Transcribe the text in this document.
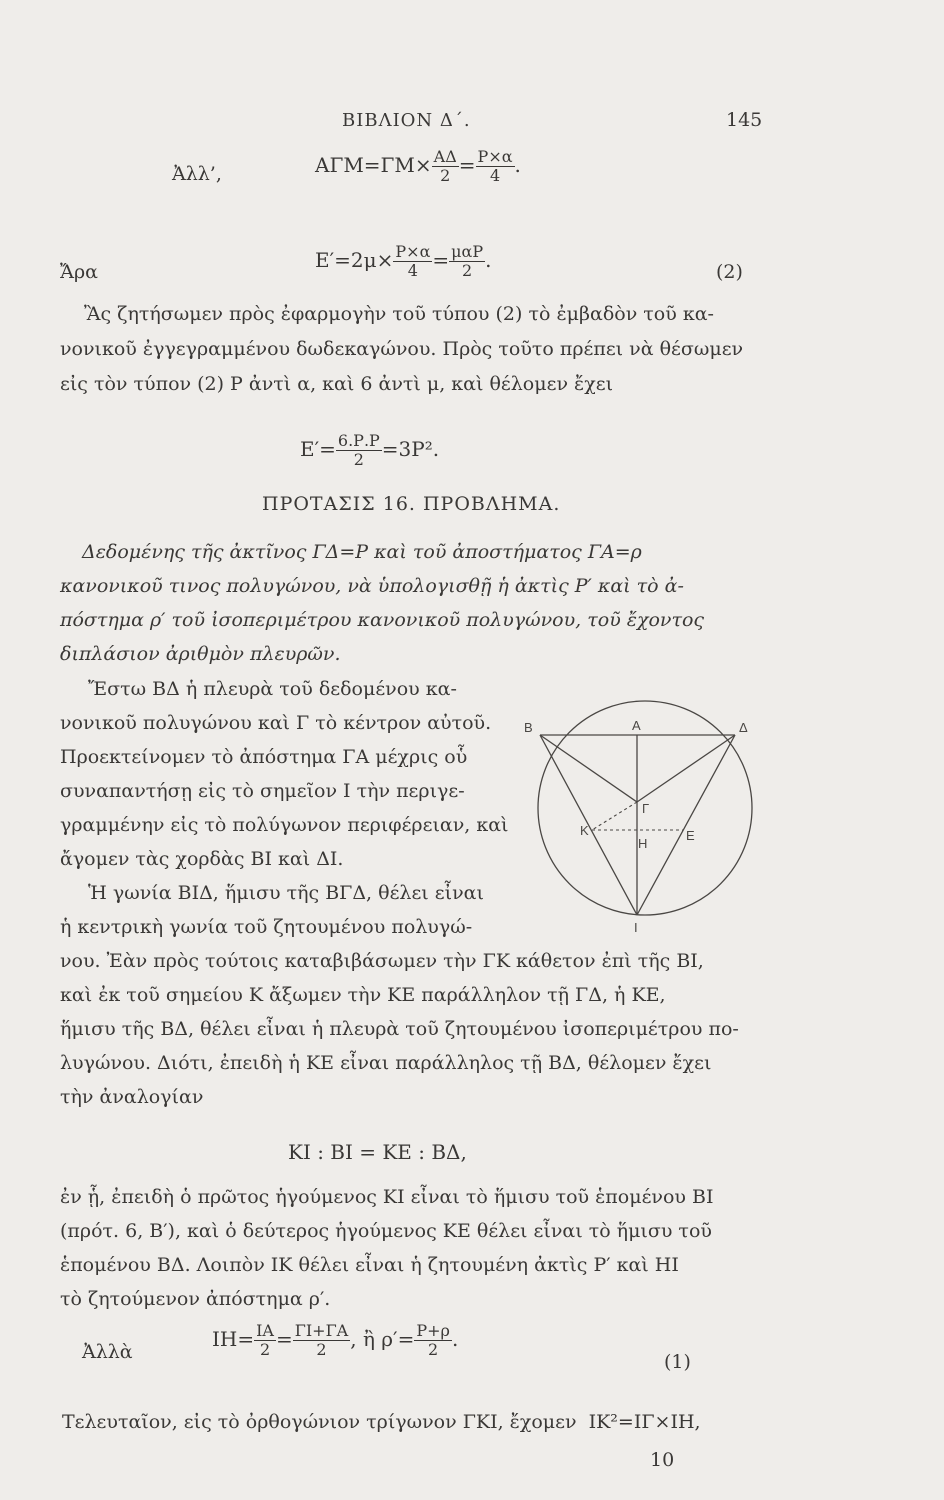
ΒΙΒΛΙΟΝ Δ΄.	145
Ἀλλ’,	$A\Gamma M=\Gamma M\times \frac{A\Delta}{2} = \frac{P\times\alpha}{4}$ .
Ἄρα	$E'=2\mu\times \frac{P\times\alpha}{4} = \frac{\text{μαΡ}}{2}$ .	(2)
Ἂς ζητήσωμεν πρὸς ἐφαρμογὴν τοῦ τύπου (2) τὸ ἐμβαδὸν τοῦ κα-
νονικοῦ ἐγγεγραμμένου δωδεκαγώνου. Πρὸς τοῦτο πρέπει νὰ θέσωμεν
εἰς τὸν τύπον (2) Ρ ἀντὶ α, καὶ 6 ἀντὶ μ, καὶ θέλομεν ἔχει
$E'= \frac{6.P.P}{2} =3P^2$.
ΠΡΟΤΑΣΙΣ 16. ΠΡΟΒΛΗΜΑ.
Δεδομένης τῆς ἀκτῖνος ΓΔ=Ρ καὶ τοῦ ἀποστήματος ΓΑ=ρ
κανονικοῦ τινος πολυγώνου, νὰ ὑπολογισθῇ ἡ ἀκτὶς Ρ′ καὶ τὸ ἀ-
πόστημα ρ′ τοῦ ἰσοπεριμέτρου κανονικοῦ πολυγώνου, τοῦ ἔχοντος
διπλάσιον ἀριθμὸν πλευρῶν.
Ἔστω ΒΔ ἡ πλευρὰ τοῦ δεδομένου κα-
νονικοῦ πολυγώνου καὶ Γ τὸ κέντρον αὐτοῦ.
Προεκτείνομεν τὸ ἀπόστημα ΓΑ μέχρις οὗ
συναπαντήσῃ εἰς τὸ σημεῖον Ι τὴν περιγε-
γραμμένην εἰς τὸ πολύγωνον περιφέρειαν, καὶ
ἄγομεν τὰς χορδὰς ΒΙ καὶ ΔΙ.
Ἡ γωνία ΒΙΔ, ἥμισυ τῆς ΒΓΔ, θέλει εἶναι
ἡ κεντρικὴ γωνία τοῦ ζητουμένου πολυγώ-
νου. Ἐὰν πρὸς τούτοις καταβιβάσωμεν τὴν ΓΚ κάθετον ἐπὶ τῆς ΒΙ,
καὶ ἐκ τοῦ σημείου Κ ἄξωμεν τὴν ΚΕ παράλληλον τῇ ΓΔ, ἡ ΚΕ,
ἥμισυ τῆς ΒΔ, θέλει εἶναι ἡ πλευρὰ τοῦ ζητουμένου ἰσοπεριμέτρου πο-
λυγώνου. Διότι, ἐπειδὴ ἡ ΚΕ εἶναι παράλληλος τῇ ΒΔ, θέλομεν ἔχει
τὴν ἀναλογίαν
ΚΙ : ΒΙ = ΚΕ : ΒΔ,
ἐν ᾗ, ἐπειδὴ ὁ πρῶτος ἡγούμενος ΚΙ εἶναι τὸ ἥμισυ τοῦ ἑπομένου ΒΙ
(πρότ. 6, Β′), καὶ ὁ δεύτερος ἡγούμενος ΚΕ θέλει εἶναι τὸ ἥμισυ τοῦ
ἑπομένου ΒΔ. Λοιπὸν ΙΚ θέλει εἶναι ἡ ζητουμένη ἀκτὶς Ρ′ καὶ ΗΙ
τὸ ζητούμενον ἀπόστημα ρ′.
Ἀλλὰ
$IH= \frac{IA}{2} = \frac{\Gamma I+\Gamma A}{2}$ , ἢ $\rho'= \frac{P+\rho}{2}$ .
(1)
Τελευταῖον, εἰς τὸ ὀρθογώνιον τρίγωνον ΓΚΙ, ἔχομεν ΙΚ²=ΙΓ×ΙΗ,
10
Β	Α	Δ
Γ
Κ
Η
Ε
Ι
